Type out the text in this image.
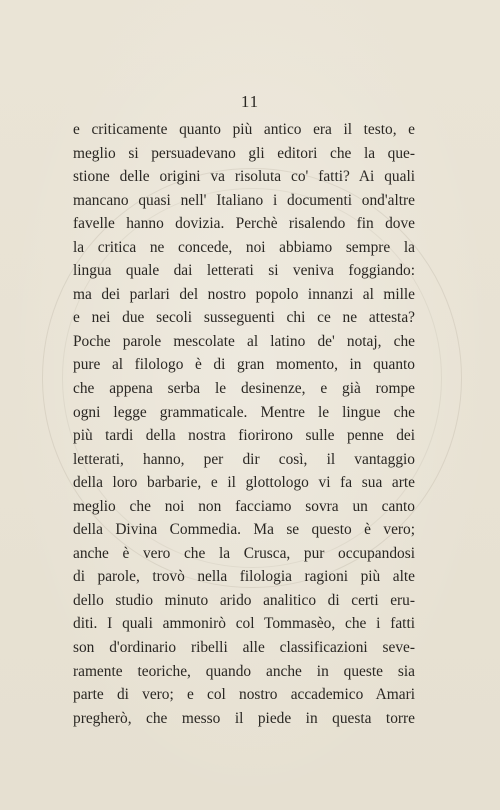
11
e criticamente quanto più antico era il testo, e
meglio si persuadevano gli editori che la que-
stione delle origini va risoluta co' fatti? Ai quali
mancano quasi nell' Italiano i documenti ond'altre
favelle hanno dovizia. Perchè risalendo fin dove
la critica ne concede, noi abbiamo sempre la
lingua quale dai letterati si veniva foggiando:
ma dei parlari del nostro popolo innanzi al mille
e nei due secoli susseguenti chi ce ne attesta?
Poche parole mescolate al latino de' notaj, che
pure al filologo è di gran momento, in quanto
che appena serba le desinenze, e già rompe
ogni legge grammaticale. Mentre le lingue che
più tardi della nostra fiorirono sulle penne dei
letterati, hanno, per dir così, il vantaggio
della loro barbarie, e il glottologo vi fa sua arte
meglio che noi non facciamo sovra un canto
della Divina Commedia. Ma se questo è vero;
anche è vero che la Crusca, pur occupandosi
di parole, trovò nella filologia ragioni più alte
dello studio minuto arido analitico di certi eru-
diti. I quali ammonirò col Tommasèo, che i fatti
son d'ordinario ribelli alle classificazioni seve-
ramente teoriche, quando anche in queste sia
parte di vero; e col nostro accademico Amari
pregherò, che messo il piede in questa torre
